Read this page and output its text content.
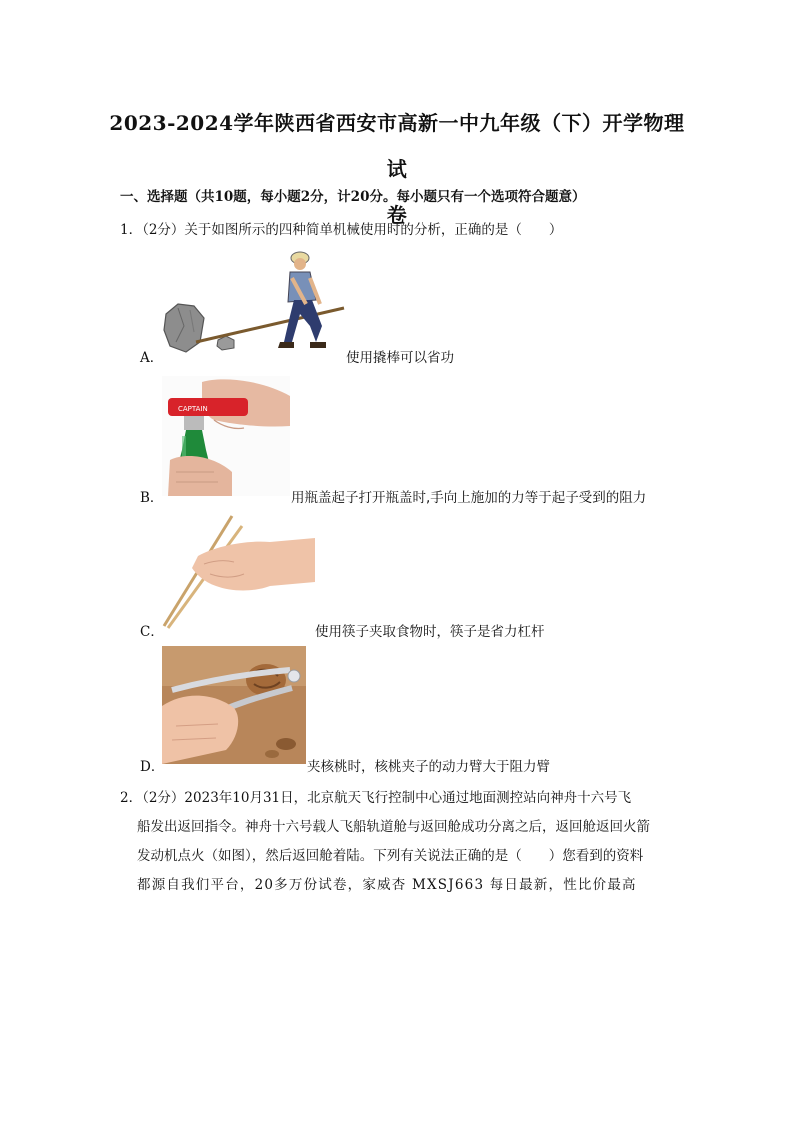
2023-2024学年陕西省西安市高新一中九年级（下）开学物理试
卷
一、选择题（共10题，每小题2分，计20分。每小题只有一个选项符合题意）
1．（2分）关于如图所示的四种简单机械使用时的分析，正确的是（　　）
A．	使用撬棒可以省功
CAPTAIN
B．	用瓶盖起子打开瓶盖时,手向上施加的力等于起子受到的阻力
C．	使用筷子夹取食物时，筷子是省力杠杆
D．	夹核桃时，核桃夹子的动力臂大于阻力臂
2．（2分）2023年10月31日，北京航天飞行控制中心通过地面测控站向神舟十六号飞
船发出返回指令。神舟十六号载人飞船轨道舱与返回舱成功分离之后，返回舱返回火箭
发动机点火（如图），然后返回舱着陆。下列有关说法正确的是（　　）您看到的资料
都源自我们平台，20多万份试卷，家威杏 MXSJ663 每日最新，性比价最高
